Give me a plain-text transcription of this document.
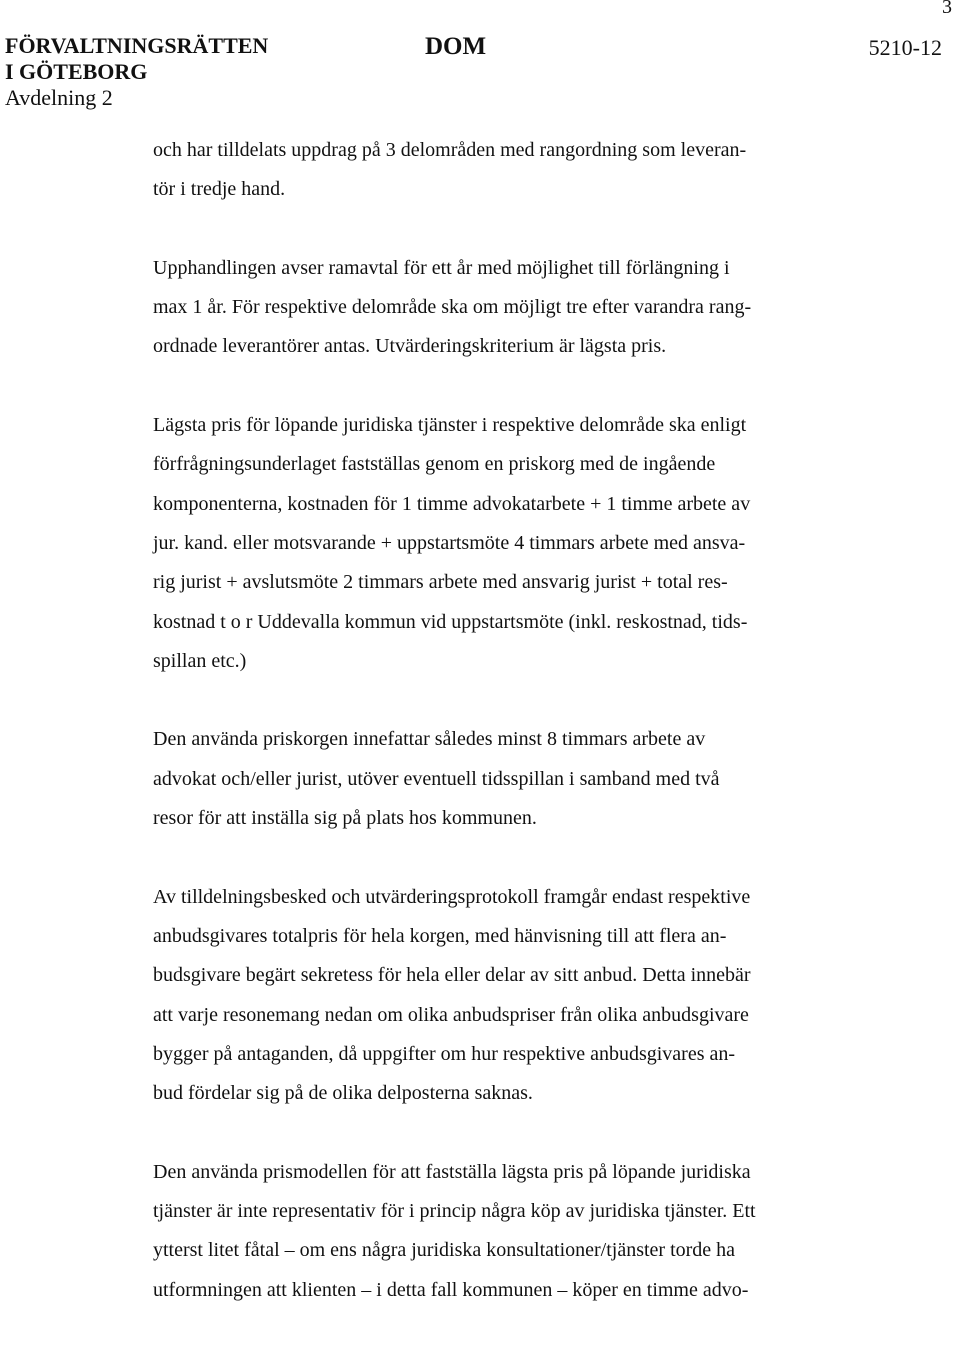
3
FÖRVALTNINGSRÄTTEN
I GÖTEBORG
Avdelning 2
DOM	5210-12
och har tilldelats uppdrag på 3 delområden med rangordning som leveran-
tör i tredje hand.
Upphandlingen avser ramavtal för ett år med möjlighet till förlängning i
max 1 år. För respektive delområde ska om möjligt tre efter varandra rang-
ordnade leverantörer antas. Utvärderingskriterium är lägsta pris.
Lägsta pris för löpande juridiska tjänster i respektive delområde ska enligt
förfrågningsunderlaget fastställas genom en priskorg med de ingående
komponenterna, kostnaden för 1 timme advokatarbete + 1 timme arbete av
jur. kand. eller motsvarande + uppstartsmöte 4 timmars arbete med ansva-
rig jurist + avslutsmöte 2 timmars arbete med ansvarig jurist + total res-
kostnad t o r Uddevalla kommun vid uppstartsmöte (inkl. reskostnad, tids-
spillan etc.)
Den använda priskorgen innefattar således minst 8 timmars arbete av
advokat och/eller jurist, utöver eventuell tidsspillan i samband med två
resor för att inställa sig på plats hos kommunen.
Av tilldelningsbesked och utvärderingsprotokoll framgår endast respektive
anbudsgivares totalpris för hela korgen, med hänvisning till att flera an-
budsgivare begärt sekretess för hela eller delar av sitt anbud. Detta innebär
att varje resonemang nedan om olika anbudspriser från olika anbudsgivare
bygger på antaganden, då uppgifter om hur respektive anbudsgivares an-
bud fördelar sig på de olika delposterna saknas.
Den använda prismodellen för att fastställa lägsta pris på löpande juridiska
tjänster är inte representativ för i princip några köp av juridiska tjänster. Ett
ytterst litet fåtal – om ens några juridiska konsultationer/tjänster torde ha
utformningen att klienten – i detta fall kommunen – köper en timme advo-
